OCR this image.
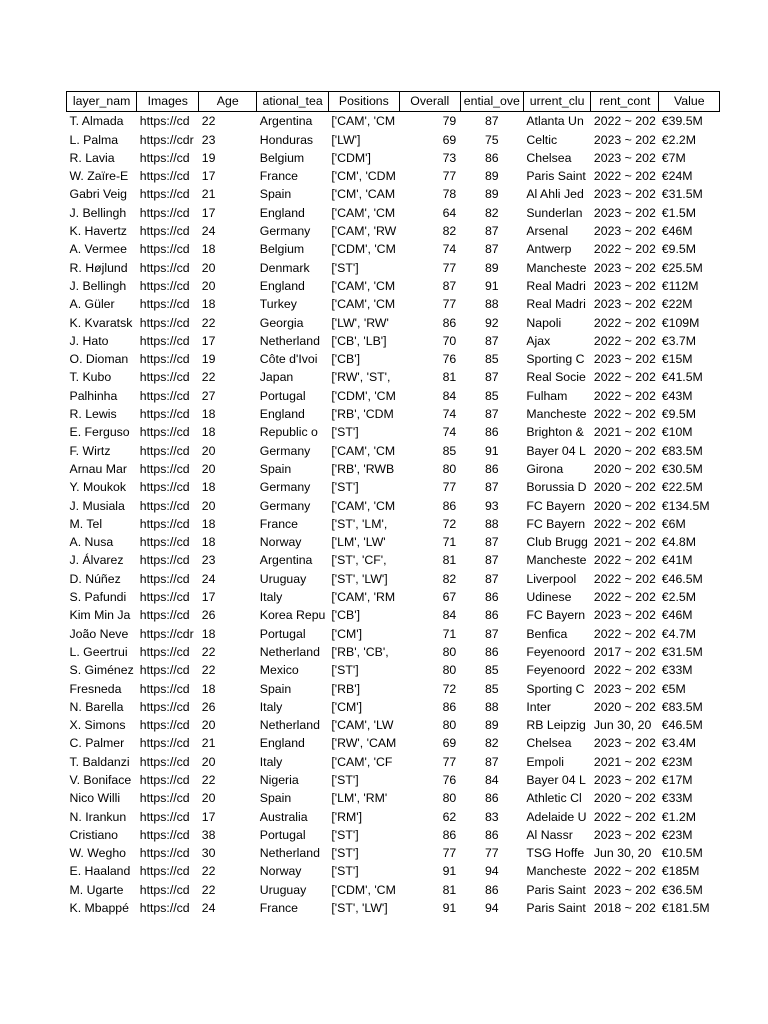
layer_nam	Images	Age	ational_tea	Positions	Overall	ential_ove	urrent_clu	rent_cont	Value
T. Almada	https://cd	22	Argentina	['CAM', 'CM	79	87	Atlanta Un	2022 ~ 202	€39.5M
L. Palma	https://cdr	23	Honduras	['LW']	69	75	Celtic	2023 ~ 202	€2.2M
R. Lavia	https://cd	19	Belgium	['CDM']	73	86	Chelsea	2023 ~ 202	€7M
W. Zaïre-E	https://cd	17	France	['CM', 'CDM	77	89	Paris Saint	2022 ~ 202	€24M
Gabri Veig	https://cd	21	Spain	['CM', 'CAM	78	89	Al Ahli Jed	2023 ~ 202	€31.5M
J. Bellingh	https://cd	17	England	['CAM', 'CM	64	82	Sunderlan	2023 ~ 202	€1.5M
K. Havertz	https://cd	24	Germany	['CAM', 'RW	82	87	Arsenal	2023 ~ 202	€46M
A. Vermee	https://cd	18	Belgium	['CDM', 'CM	74	87	Antwerp	2022 ~ 202	€9.5M
R. Højlund	https://cd	20	Denmark	['ST']	77	89	Mancheste	2023 ~ 202	€25.5M
J. Bellingh	https://cd	20	England	['CAM', 'CM	87	91	Real Madri	2023 ~ 202	€112M
A. Güler	https://cd	18	Turkey	['CAM', 'CM	77	88	Real Madri	2023 ~ 202	€22M
K. Kvaratsk	https://cd	22	Georgia	['LW', 'RW'	86	92	Napoli	2022 ~ 202	€109M
J. Hato	https://cd	17	Netherland	['CB', 'LB']	70	87	Ajax	2022 ~ 202	€3.7M
O. Dioman	https://cd	19	Côte d'Ivoi	['CB']	76	85	Sporting C	2023 ~ 202	€15M
T. Kubo	https://cd	22	Japan	['RW', 'ST',	81	87	Real Socie	2022 ~ 202	€41.5M
Palhinha	https://cd	27	Portugal	['CDM', 'CM	84	85	Fulham	2022 ~ 202	€43M
R. Lewis	https://cd	18	England	['RB', 'CDM	74	87	Mancheste	2022 ~ 202	€9.5M
E. Ferguso	https://cd	18	Republic o	['ST']	74	86	Brighton &	2021 ~ 202	€10M
F. Wirtz	https://cd	20	Germany	['CAM', 'CM	85	91	Bayer 04 L	2020 ~ 202	€83.5M
Arnau Mar	https://cd	20	Spain	['RB', 'RWB	80	86	Girona	2020 ~ 202	€30.5M
Y. Moukok	https://cd	18	Germany	['ST']	77	87	Borussia D	2020 ~ 202	€22.5M
J. Musiala	https://cd	20	Germany	['CAM', 'CM	86	93	FC Bayern	2020 ~ 202	€134.5M
M. Tel	https://cd	18	France	['ST', 'LM',	72	88	FC Bayern	2022 ~ 202	€6M
A. Nusa	https://cd	18	Norway	['LM', 'LW'	71	87	Club Brugg	2021 ~ 202	€4.8M
J. Álvarez	https://cd	23	Argentina	['ST', 'CF',	81	87	Mancheste	2022 ~ 202	€41M
D. Núñez	https://cd	24	Uruguay	['ST', 'LW']	82	87	Liverpool	2022 ~ 202	€46.5M
S. Pafundi	https://cd	17	Italy	['CAM', 'RM	67	86	Udinese	2022 ~ 202	€2.5M
Kim Min Ja	https://cd	26	Korea Repu	['CB']	84	86	FC Bayern	2023 ~ 202	€46M
João Neve	https://cdr	18	Portugal	['CM']	71	87	Benfica	2022 ~ 202	€4.7M
L. Geertrui	https://cd	22	Netherland	['RB', 'CB',	80	86	Feyenoord	2017 ~ 202	€31.5M
S. Giménez	https://cd	22	Mexico	['ST']	80	85	Feyenoord	2022 ~ 202	€33M
Fresneda	https://cd	18	Spain	['RB']	72	85	Sporting C	2023 ~ 202	€5M
N. Barella	https://cd	26	Italy	['CM']	86	88	Inter	2020 ~ 202	€83.5M
X. Simons	https://cd	20	Netherland	['CAM', 'LW	80	89	RB Leipzig	Jun 30, 20	€46.5M
C. Palmer	https://cd	21	England	['RW', 'CAM	69	82	Chelsea	2023 ~ 202	€3.4M
T. Baldanzi	https://cd	20	Italy	['CAM', 'CF	77	87	Empoli	2021 ~ 202	€23M
V. Boniface	https://cd	22	Nigeria	['ST']	76	84	Bayer 04 L	2023 ~ 202	€17M
Nico Willi	https://cd	20	Spain	['LM', 'RM'	80	86	Athletic Cl	2020 ~ 202	€33M
N. Irankun	https://cd	17	Australia	['RM']	62	83	Adelaide U	2022 ~ 202	€1.2M
Cristiano	https://cd	38	Portugal	['ST']	86	86	Al Nassr	2023 ~ 202	€23M
W. Wegho	https://cd	30	Netherland	['ST']	77	77	TSG Hoffe	Jun 30, 20	€10.5M
E. Haaland	https://cd	22	Norway	['ST']	91	94	Mancheste	2022 ~ 202	€185M
M. Ugarte	https://cd	22	Uruguay	['CDM', 'CM	81	86	Paris Saint	2023 ~ 202	€36.5M
K. Mbappé	https://cd	24	France	['ST', 'LW']	91	94	Paris Saint	2018 ~ 202	€181.5M
